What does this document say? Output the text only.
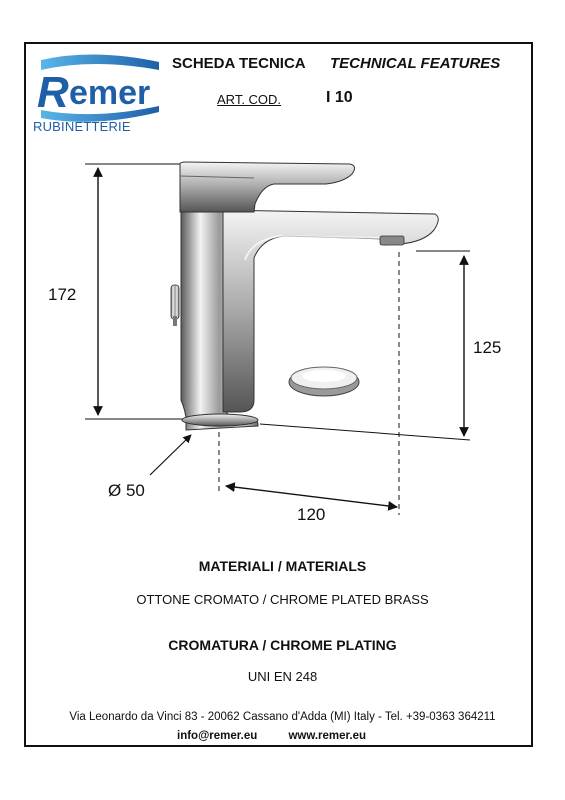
R emer
RUBINETTERIE
SCHEDA TECNICA TECHNICAL FEATURES
ART. COD.	I 10
172
125
120
Ø 50
MATERIALI / MATERIALS
OTTONE CROMATO / CHROME PLATED BRASS
CROMATURA / CHROME PLATING
UNI EN 248
Via Leonardo da Vinci 83 - 20062 Cassano d'Adda (MI) Italy - Tel. +39-0363 364211
info@remer.eu	www.remer.eu
